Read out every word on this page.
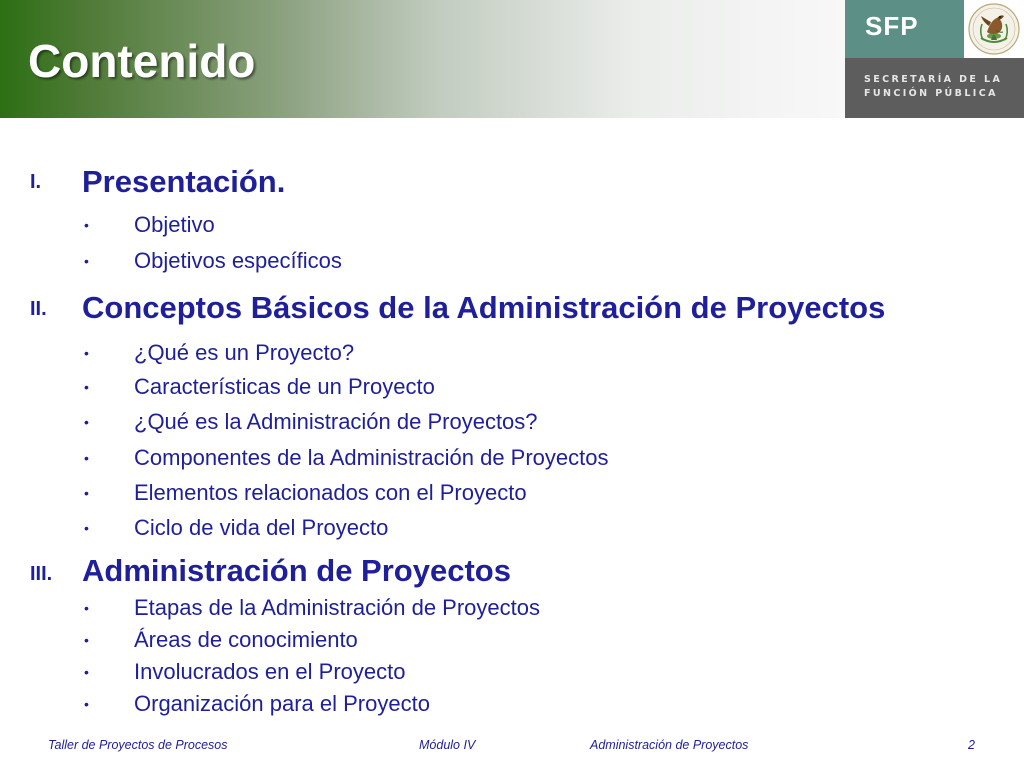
Contenido
SFP
SECRETARÍA DE LA
FUNCIÓN PÚBLICA
I. Presentación.
• Objetivo
• Objetivos específicos
II. Conceptos Básicos de la Administración de Proyectos
• ¿Qué es un Proyecto?
• Características de un Proyecto
• ¿Qué es la Administración de Proyectos?
• Componentes de la Administración de Proyectos
• Elementos relacionados con el Proyecto
• Ciclo de vida del Proyecto
III. Administración de Proyectos
• Etapas de la Administración de Proyectos
• Áreas de conocimiento
• Involucrados en el Proyecto
• Organización para el Proyecto
Taller de Proyectos de Procesos	Módulo IV	Administración de Proyectos	2
